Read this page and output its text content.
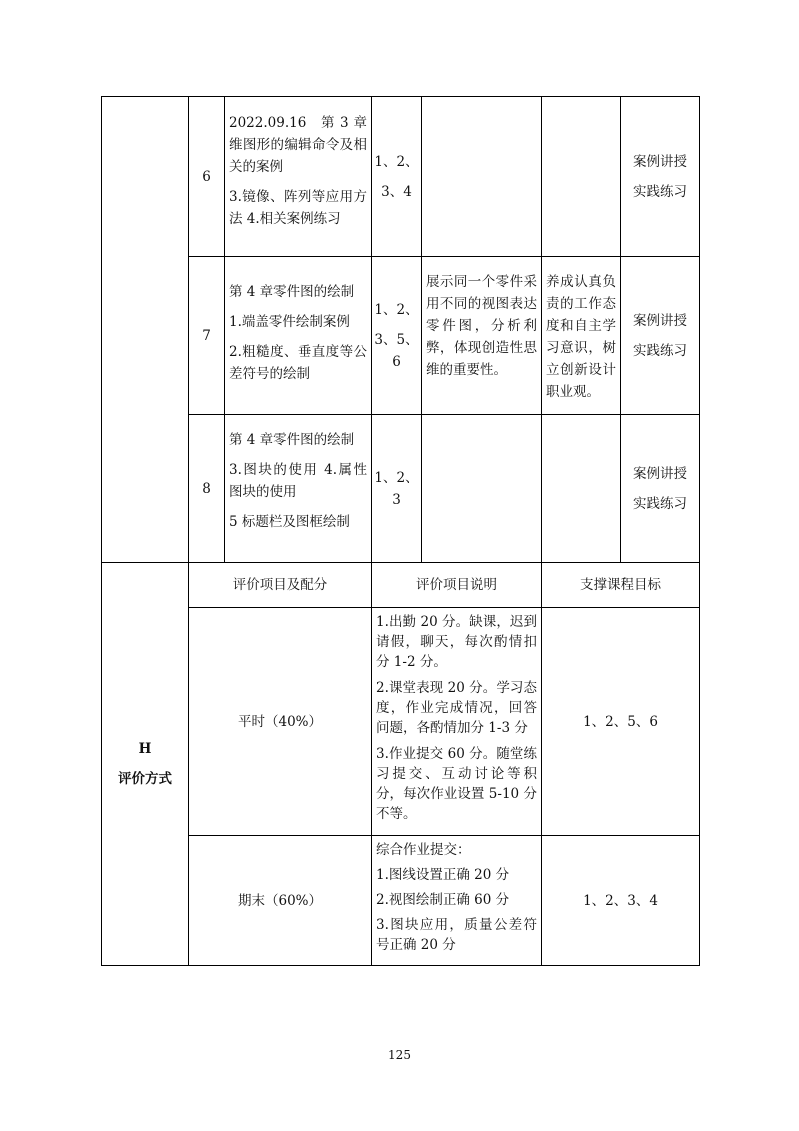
6

2022.09.16　第 3 章维图形的编辑命令及相关的案例

3.镜像、阵列等应用方法 4.相关案例练习

1、2、
3、4
案例讲授
实践练习
7

第 4 章零件图的绘制

1.端盖零件绘制案例

2.粗糙度、垂直度等公差符号的绘制

1、2、
3、5、6

展示同一个零件采用不同的视图表达零件图，分析利弊，体现创造性思维的重要性。

养成认真负责的工作态度和自主学习意识，树立创新设计职业观。

案例讲授
实践练习
8

第 4 章零件图的绘制

3.图块的使用 4.属性图块的使用

5 标题栏及图框绘制

1、2、3
案例讲授
实践练习
H
评价方式
评价项目及配分	评价项目说明	支撑课程目标
平时（40%）

1.出勤 20 分。缺课，迟到请假，聊天，每次酌情扣分 1-2 分。

2.课堂表现 20 分。学习态度，作业完成情况，回答问题，各酌情加分 1-3 分

3.作业提交 60 分。随堂练习提交、互动讨论等积分，每次作业设置 5-10 分不等。

1、2、5、6
期末（60%）

综合作业提交：

1.图线设置正确 20 分

2.视图绘制正确 60 分

3.图块应用，质量公差符号正确 20 分

1、2、3、4
125
